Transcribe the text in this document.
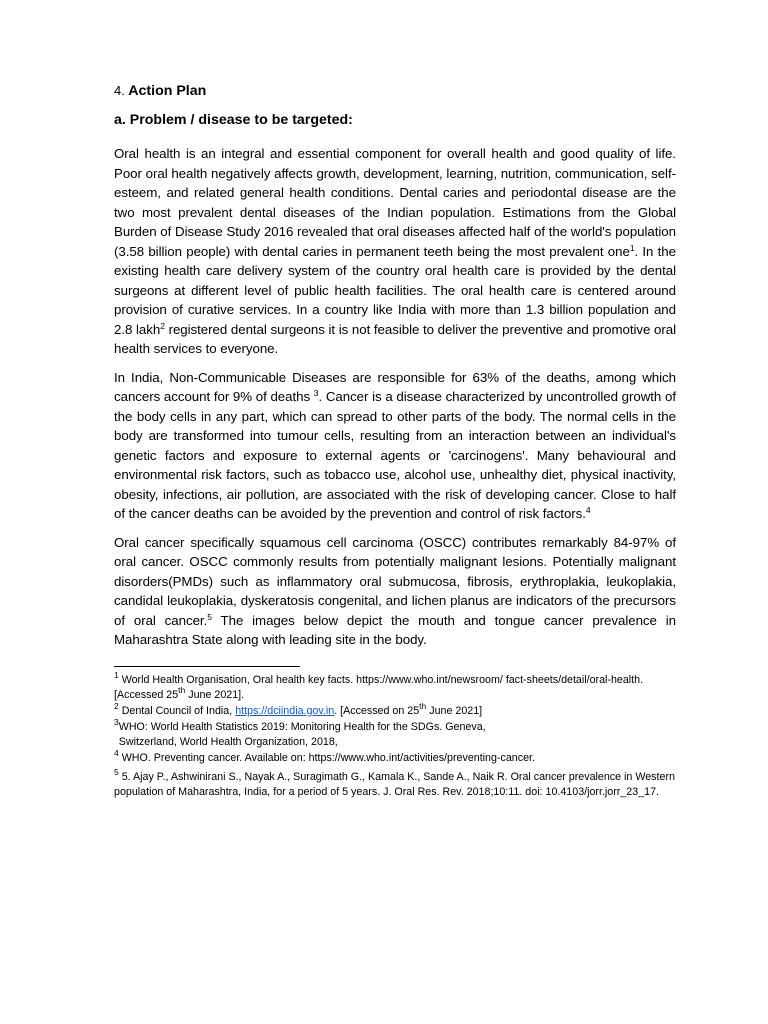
4. Action Plan
a. Problem / disease to be targeted:

Oral health is an integral and essential component for overall health and good quality of life. Poor oral health negatively affects growth, development, learning, nutrition, communication, self- esteem, and related general health conditions. Dental caries and periodontal disease are the two most prevalent dental diseases of the Indian population. Estimations from the Global Burden of Disease Study 2016 revealed that oral diseases affected half of the world's population (3.58 billion people) with dental caries in permanent teeth being the most prevalent one$^1$. In the existing health care delivery system of the country oral health care is provided by the dental surgeons at different level of public health facilities. The oral health care is centered around provision of curative services. In a country like India with more than 1.3 billion population and 2.8 lakh$^2$ registered dental surgeons it is not feasible to deliver the preventive and promotive oral health services to everyone.

In India, Non-Communicable Diseases are responsible for 63% of the deaths, among which cancers account for 9% of deaths $^3$. Cancer is a disease characterized by uncontrolled growth of the body cells in any part, which can spread to other parts of the body. The normal cells in the body are transformed into tumour cells, resulting from an interaction between an individual's genetic factors and exposure to external agents or 'carcinogens'. Many behavioural and environmental risk factors, such as tobacco use, alcohol use, unhealthy diet, physical inactivity, obesity, infections, air pollution, are associated with the risk of developing cancer. Close to half of the cancer deaths can be avoided by the prevention and control of risk factors.$^4$

Oral cancer specifically squamous cell carcinoma (OSCC) contributes remarkably 84-97% of oral cancer. OSCC commonly results from potentially malignant lesions. Potentially malignant disorders(PMDs) such as inflammatory oral submucosa, fibrosis, erythroplakia, leukoplakia, candidal leukoplakia, dyskeratosis congenital, and lichen planus are indicators of the precursors of oral cancer.$^5$ The images below depict the mouth and tongue cancer prevalence in Maharashtra State along with leading site in the body.

$^1$ World Health Organisation, Oral health key facts. https://www.who.int/newsroom/ fact-sheets/detail/oral-health. [Accessed 25th June 2021].
$^2$ Dental Council of India, https://dciindia.gov.in. [Accessed on 25th June 2021]
$^3$WHO: World Health Statistics 2019: Monitoring Health for the SDGs. Geneva, Switzerland, World Health Organization, 2018,
$^4$ WHO. Preventing cancer. Available on: https://www.who.int/activities/preventing-cancer.
$^5$ 5. Ajay P., Ashwinirani S., Nayak A., Suragimath G., Kamala K., Sande A., Naik R. Oral cancer prevalence in Western population of Maharashtra, India, for a period of 5 years. J. Oral Res. Rev. 2018;10:11. doi: 10.4103/jorr.jorr_23_17.
